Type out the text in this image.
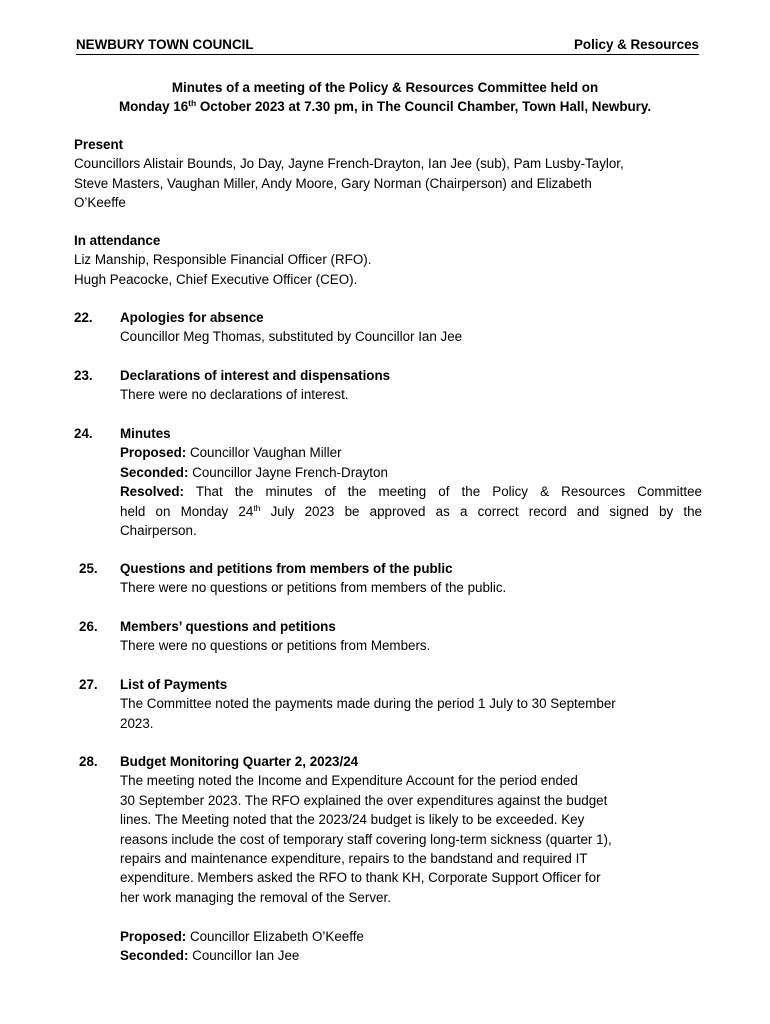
NEWBURY TOWN COUNCIL	Policy & Resources
Minutes of a meeting of the Policy & Resources Committee held on
Monday 16th October 2023 at 7.30 pm, in The Council Chamber, Town Hall, Newbury.
Present
Councillors Alistair Bounds, Jo Day, Jayne French-Drayton, Ian Jee (sub), Pam Lusby-Taylor,
Steve Masters, Vaughan Miller, Andy Moore, Gary Norman (Chairperson) and Elizabeth
O’Keeffe
In attendance
Liz Manship, Responsible Financial Officer (RFO).
Hugh Peacocke, Chief Executive Officer (CEO).
22. Apologies for absence
Councillor Meg Thomas, substituted by Councillor Ian Jee
23. Declarations of interest and dispensations
There were no declarations of interest.
24. Minutes
Proposed: Councillor Vaughan Miller
Seconded: Councillor Jayne French-Drayton
Resolved: That the minutes of the meeting of the Policy & Resources Committee
held on Monday 24th July 2023 be approved as a correct record and signed by the
Chairperson.
25. Questions and petitions from members of the public
There were no questions or petitions from members of the public.
26. Members’ questions and petitions
There were no questions or petitions from Members.
27. List of Payments
The Committee noted the payments made during the period 1 July to 30 September
2023.
28. Budget Monitoring Quarter 2, 2023/24
The meeting noted the Income and Expenditure Account for the period ended
30 September 2023. The RFO explained the over expenditures against the budget
lines. The Meeting noted that the 2023/24 budget is likely to be exceeded. Key
reasons include the cost of temporary staff covering long-term sickness (quarter 1),
repairs and maintenance expenditure, repairs to the bandstand and required IT
expenditure. Members asked the RFO to thank KH, Corporate Support Officer for
her work managing the removal of the Server.
Proposed: Councillor Elizabeth O’Keeffe
Seconded: Councillor Ian Jee
